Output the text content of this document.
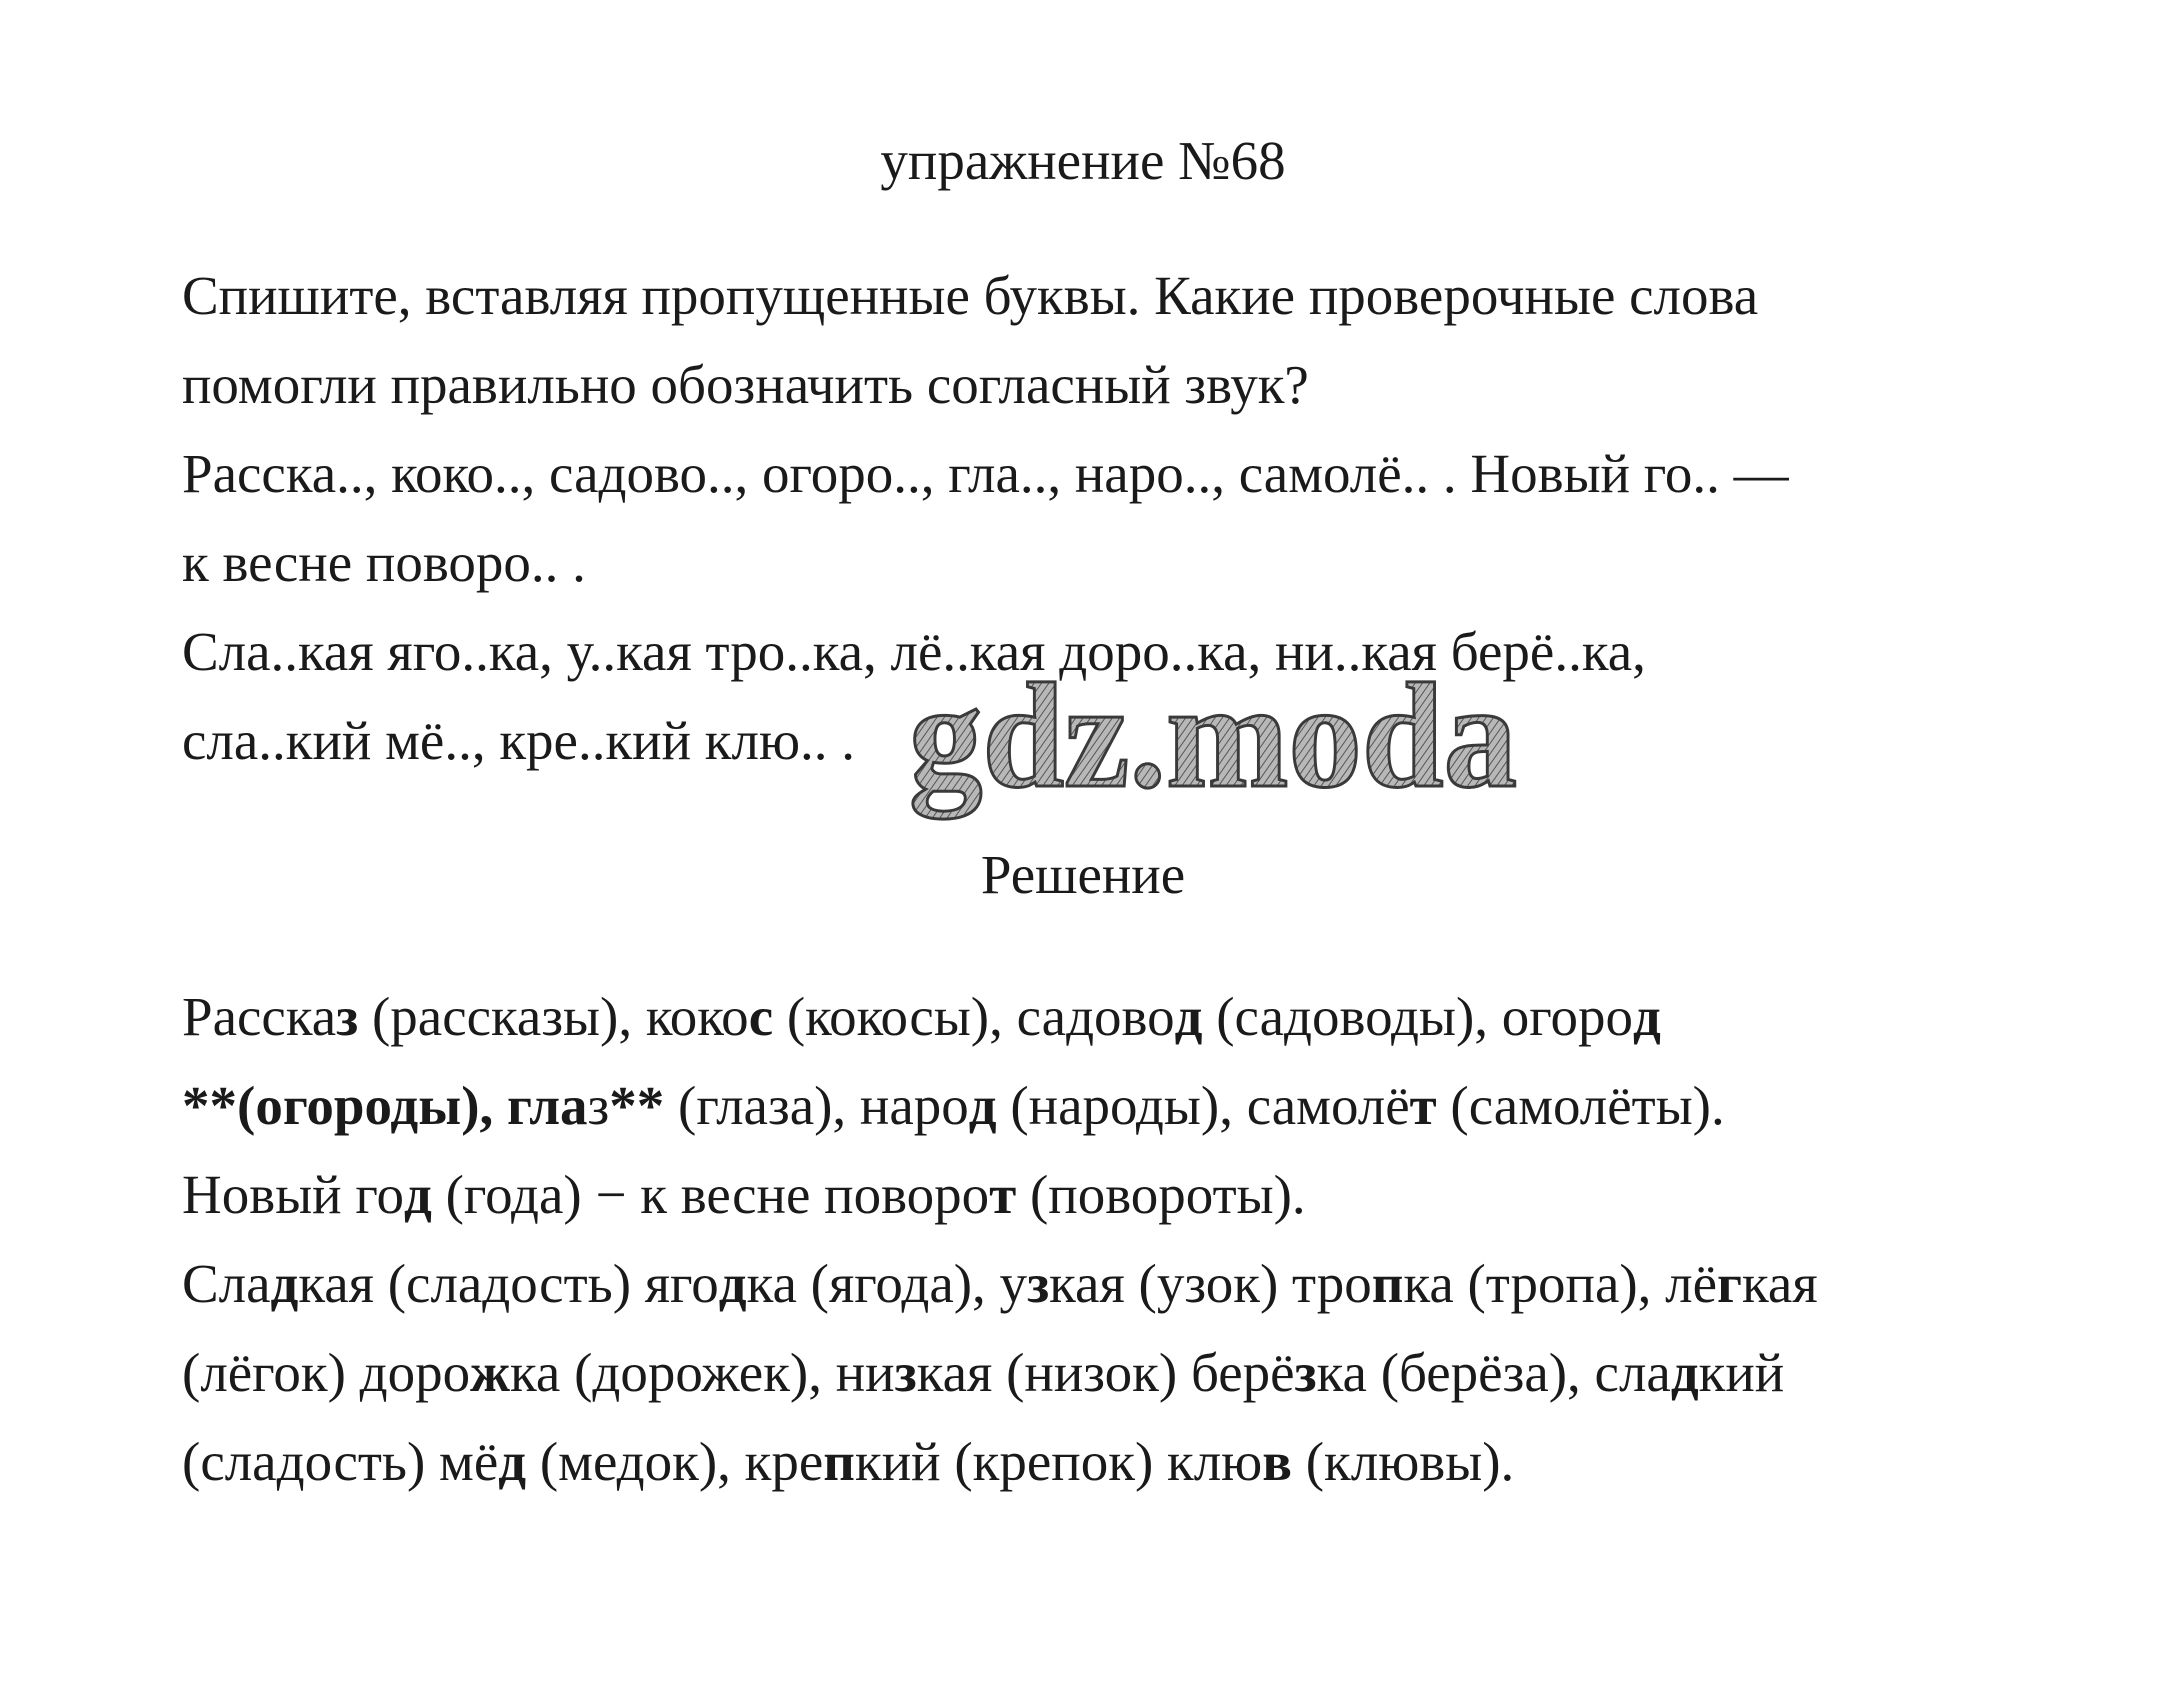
упражнение №68

Спишите, вставляя пропущенные буквы. Какие проверочные слова

помогли правильно обозначить согласный звук?

Расска.., коко.., садово.., огоро.., гла.., наро.., самолё.. . Новый го.. —

к весне поворо.. .

Сла..кая яго..ка, у..кая тро..ка, лё..кая доро..ка, ни..кая берё..ка,

сла..кий мё.., кре..кий клю.. . gdz.moda
Решение

Рассказ (рассказы), кокос (кокосы), садовод (садоводы), огород

**(огороды), глаз** (глаза), народ (народы), самолёт (самолёты).

Новый год (года) − к весне поворот (повороты).

Сладкая (сладость) ягодка (ягода), узкая (узок) тропка (тропа), лёгкая

(лёгок) дорожка (дорожек), низкая (низок) берёзка (берёза), сладкий

(сладость) мёд (медок), крепкий (крепок) клюв (клювы).
